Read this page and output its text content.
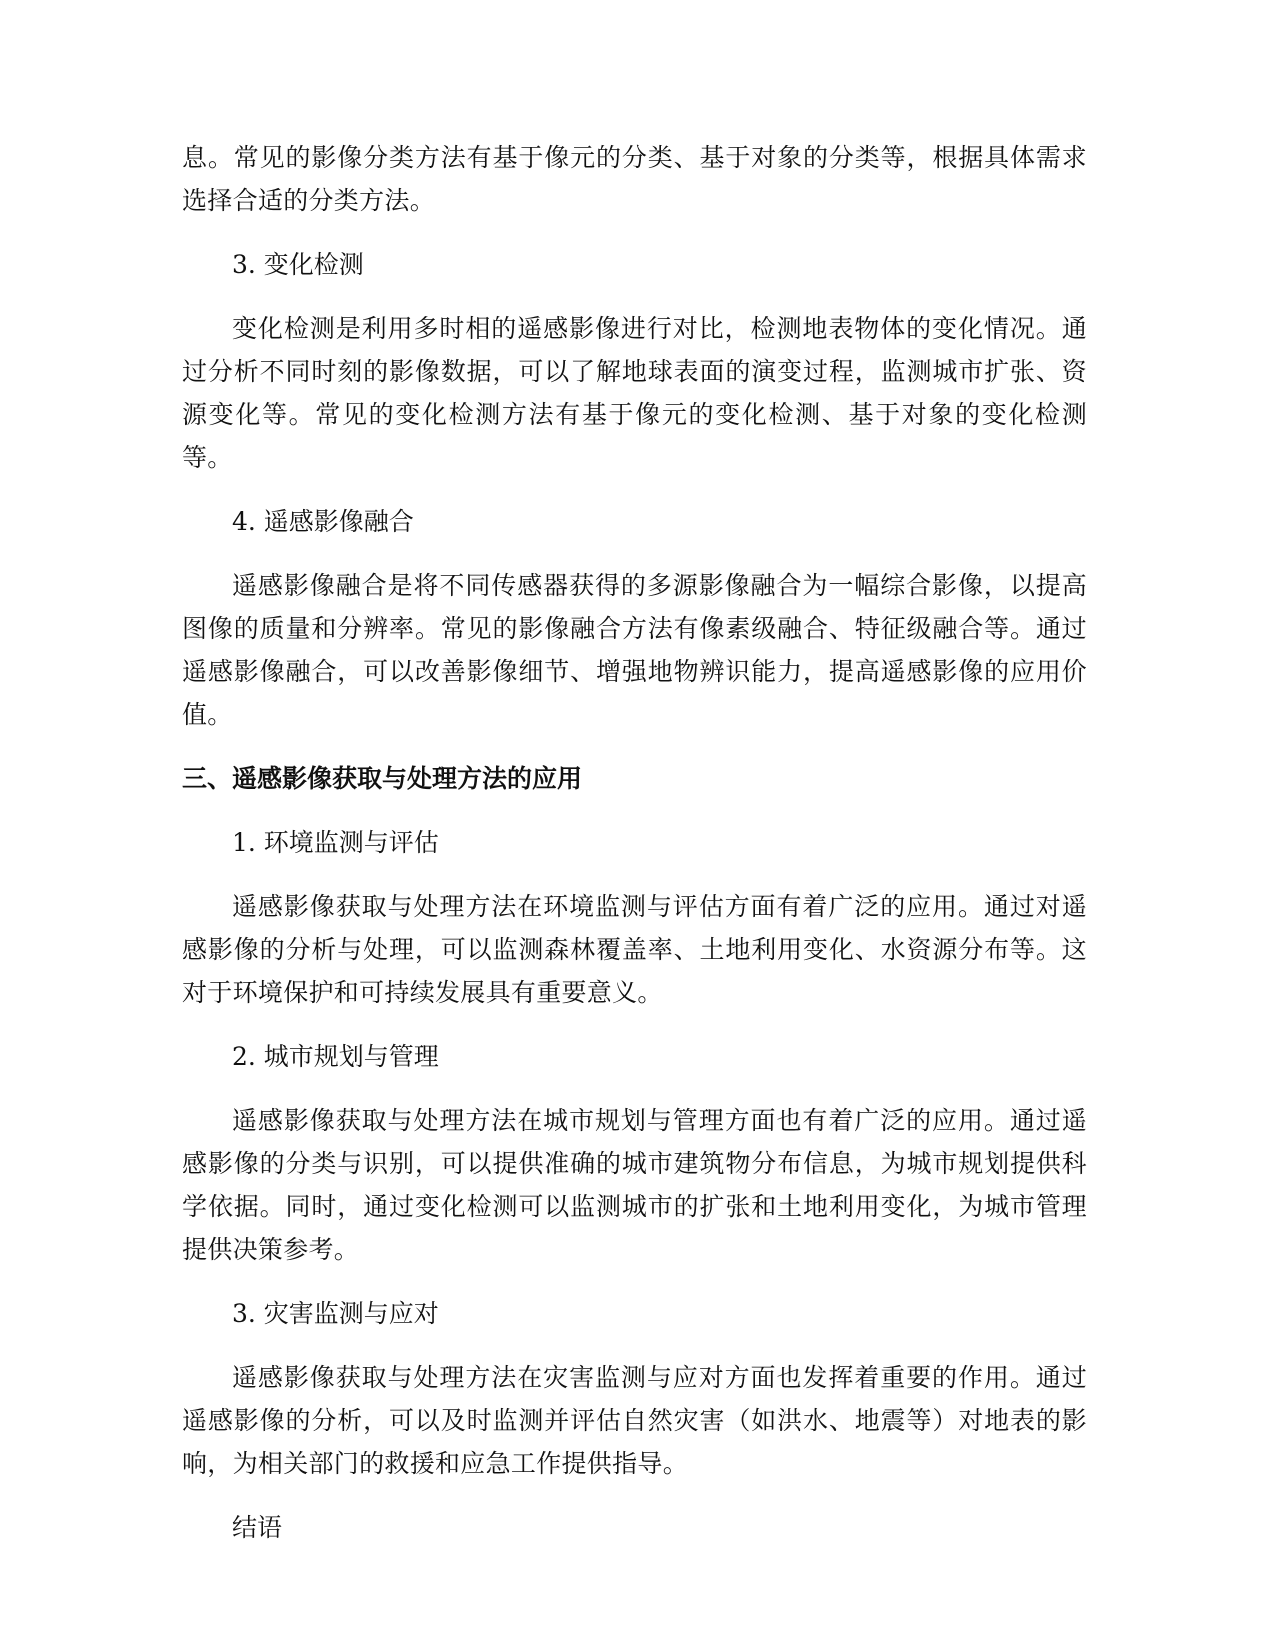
息。常见的影像分类方法有基于像元的分类、基于对象的分类等，根据具体需求选择合适的分类方法。

3. 变化检测

变化检测是利用多时相的遥感影像进行对比，检测地表物体的变化情况。通过分析不同时刻的影像数据，可以了解地球表面的演变过程，监测城市扩张、资源变化等。常见的变化检测方法有基于像元的变化检测、基于对象的变化检测等。

4. 遥感影像融合

遥感影像融合是将不同传感器获得的多源影像融合为一幅综合影像，以提高图像的质量和分辨率。常见的影像融合方法有像素级融合、特征级融合等。通过遥感影像融合，可以改善影像细节、增强地物辨识能力，提高遥感影像的应用价值。

三、遥感影像获取与处理方法的应用

1. 环境监测与评估

遥感影像获取与处理方法在环境监测与评估方面有着广泛的应用。通过对遥感影像的分析与处理，可以监测森林覆盖率、土地利用变化、水资源分布等。这对于环境保护和可持续发展具有重要意义。

2. 城市规划与管理

遥感影像获取与处理方法在城市规划与管理方面也有着广泛的应用。通过遥感影像的分类与识别，可以提供准确的城市建筑物分布信息，为城市规划提供科学依据。同时，通过变化检测可以监测城市的扩张和土地利用变化，为城市管理提供决策参考。

3. 灾害监测与应对

遥感影像获取与处理方法在灾害监测与应对方面也发挥着重要的作用。通过遥感影像的分析，可以及时监测并评估自然灾害（如洪水、地震等）对地表的影响，为相关部门的救援和应急工作提供指导。

结语
